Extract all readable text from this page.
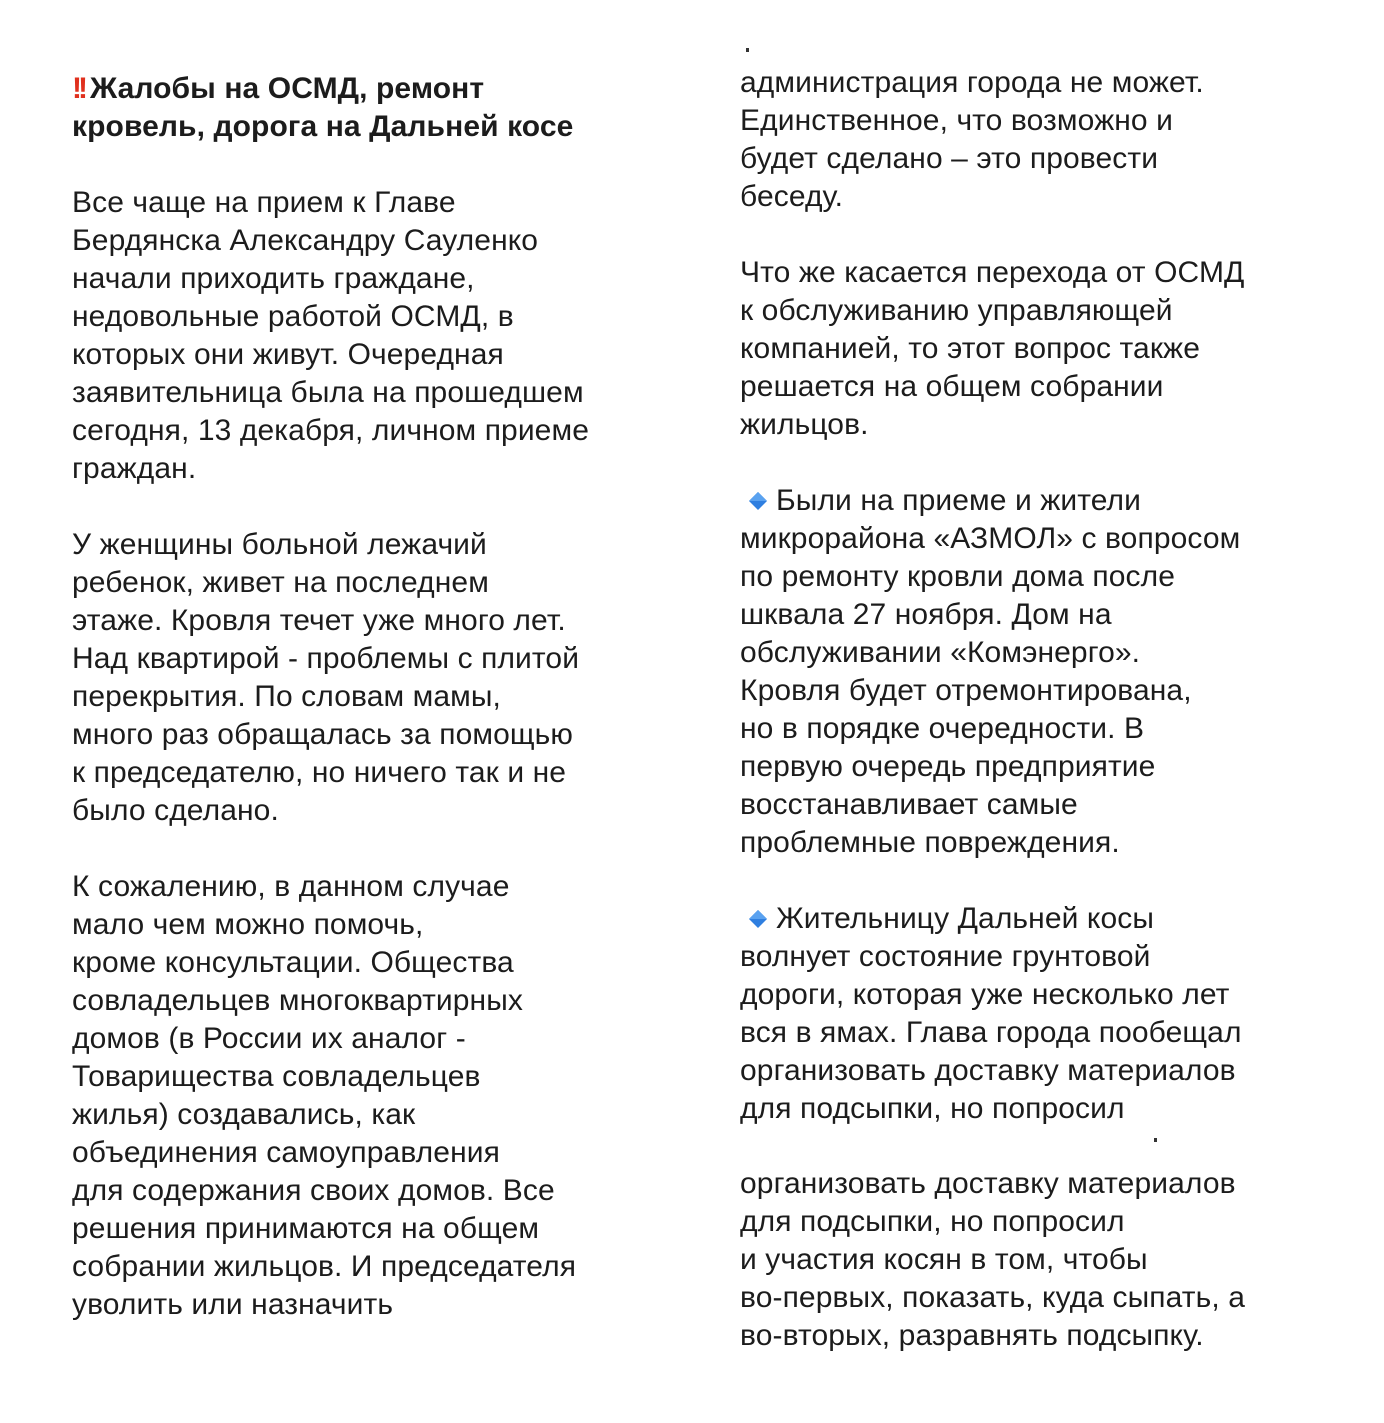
!! Жалобы на ОСМД, ремонт
кровель, дорога на Дальней косе
Все чаще на прием к Главе
Бердянска Александру Сауленко
начали приходить граждане,
недовольные работой ОСМД, в
которых они живут. Очередная
заявительница была на прошедшем
сегодня, 13 декабря, личном приеме
граждан.
У женщины больной лежачий
ребенок, живет на последнем
этаже. Кровля течет уже много лет.
Над квартирой - проблемы с плитой
перекрытия. По словам мамы,
много раз обращалась за помощью
к председателю, но ничего так и не
было сделано.
К сожалению, в данном случае
мало чем можно помочь,
кроме консультации. Общества
совладельцев многоквартирных
домов (в России их аналог -
Товарищества совладельцев
жилья) создавались, как
объединения самоуправления
для содержания своих домов. Все
решения принимаются на общем
собрании жильцов. И председателя
уволить или назначить
администрация города не может.
Единственное, что возможно и
будет сделано – это провести
беседу.
Что же касается перехода от ОСМД
к обслуживанию управляющей
компанией, то этот вопрос также
решается на общем собрании
жильцов.
Были на приеме и жители
микрорайона «АЗМОЛ» с вопросом
по ремонту кровли дома после
шквала 27 ноября. Дом на
обслуживании «Комэнерго».
Кровля будет отремонтирована,
но в порядке очередности. В
первую очередь предприятие
восстанавливает самые
проблемные повреждения.
Жительницу Дальней косы
волнует состояние грунтовой
дороги, которая уже несколько лет
вся в ямах. Глава города пообещал
организовать доставку материалов
для подсыпки, но попросил
организовать доставку материалов
для подсыпки, но попросил
и участия косян в том, чтобы
во-первых, показать, куда сыпать, а
во-вторых, разравнять подсыпку.
